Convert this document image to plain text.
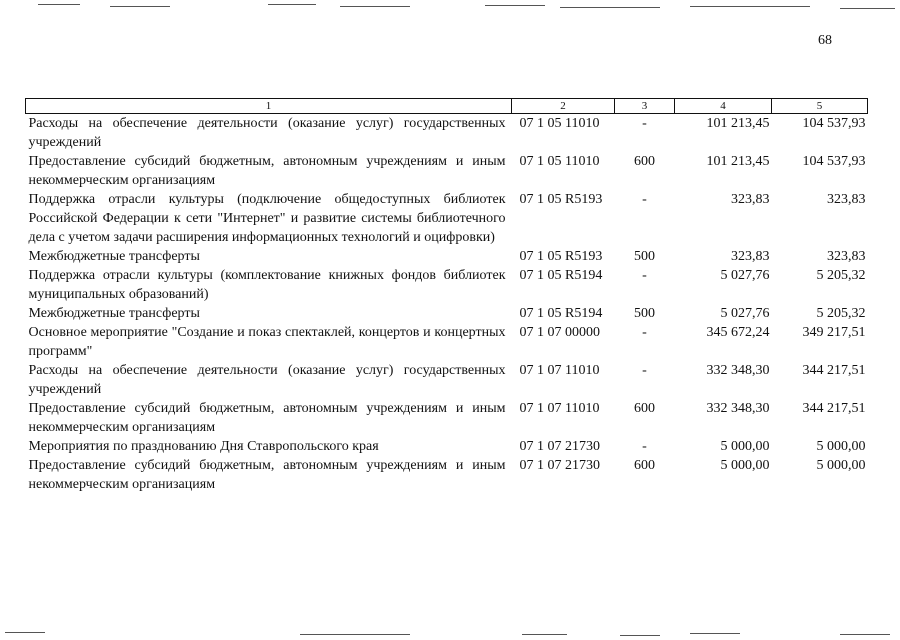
68
1	2	3	4	5
Расходы на обеспечение деятельности (оказание услуг) государственных учреждений	07 1 05 11010	-	101 213,45	104 537,93
Предоставление субсидий бюджетным, автономным учреждениям и иным некоммерческим организациям	07 1 05 11010	600	101 213,45	104 537,93
Поддержка отрасли культуры (подключение общедоступных библиотек Российской Федерации к сети "Интернет" и развитие системы библиотечного дела с учетом задачи расширения информационных технологий и оцифровки)	07 1 05 R5193	-	323,83	323,83
Межбюджетные трансферты	07 1 05 R5193	500	323,83	323,83
Поддержка отрасли культуры (комплектование книжных фондов библиотек муниципальных образований)	07 1 05 R5194	-	5 027,76	5 205,32
Межбюджетные трансферты	07 1 05 R5194	500	5 027,76	5 205,32
Основное мероприятие "Создание и показ спектаклей, концертов и концертных программ"	07 1 07 00000	-	345 672,24	349 217,51
Расходы на обеспечение деятельности (оказание услуг) государственных учреждений	07 1 07 11010	-	332 348,30	344 217,51
Предоставление субсидий бюджетным, автономным учреждениям и иным некоммерческим организациям	07 1 07 11010	600	332 348,30	344 217,51
Мероприятия по празднованию Дня Ставропольского края	07 1 07 21730	-	5 000,00	5 000,00
Предоставление субсидий бюджетным, автономным учреждениям и иным некоммерческим организациям	07 1 07 21730	600	5 000,00	5 000,00
